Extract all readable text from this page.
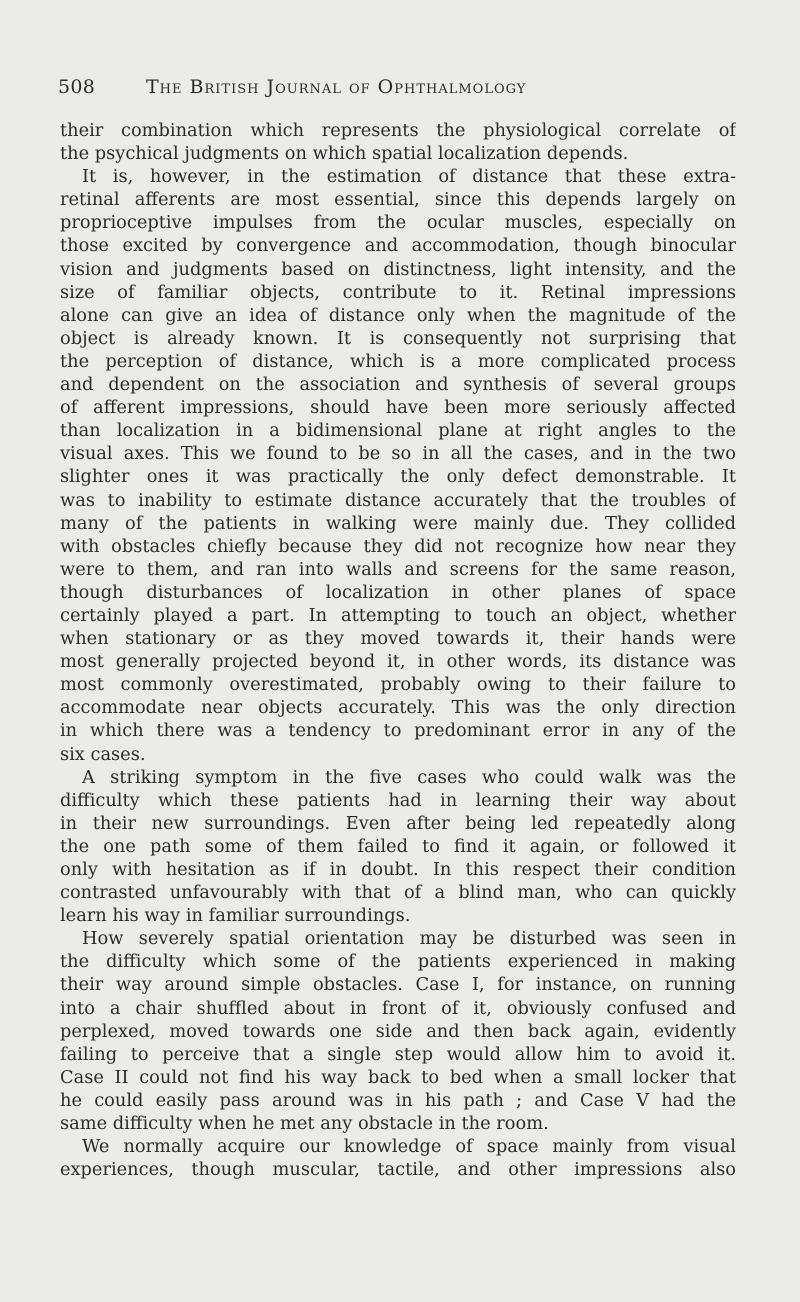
508	The British Journal of Ophthalmology
their combination which represents the physiological correlate of
the psychical judgments on which spatial localization depends.
It is, however, in the estimation of distance that these extra-
retinal afferents are most essential, since this depends largely on
proprioceptive impulses from the ocular muscles, especially on
those excited by convergence and accommodation, though binocular
vision and judgments based on distinctness, light intensity, and the
size of familiar objects, contribute to it. Retinal impressions
alone can give an idea of distance only when the magnitude of the
object is already known. It is consequently not surprising that
the perception of distance, which is a more complicated process
and dependent on the association and synthesis of several groups
of afferent impressions, should have been more seriously affected
than localization in a bidimensional plane at right angles to the
visual axes. This we found to be so in all the cases, and in the two
slighter ones it was practically the only defect demonstrable. It
was to inability to estimate distance accurately that the troubles of
many of the patients in walking were mainly due. They collided
with obstacles chiefly because they did not recognize how near they
were to them, and ran into walls and screens for the same reason,
though disturbances of localization in other planes of space
certainly played a part. In attempting to touch an object, whether
when stationary or as they moved towards it, their hands were
most generally projected beyond it, in other words, its distance was
most commonly overestimated, probably owing to their failure to
accommodate near objects accurately. This was the only direction
in which there was a tendency to predominant error in any of the
six cases.
A striking symptom in the five cases who could walk was the
difficulty which these patients had in learning their way about
in their new surroundings. Even after being led repeatedly along
the one path some of them failed to find it again, or followed it
only with hesitation as if in doubt. In this respect their condition
contrasted unfavourably with that of a blind man, who can quickly
learn his way in familiar surroundings.
How severely spatial orientation may be disturbed was seen in
the difficulty which some of the patients experienced in making
their way around simple obstacles. Case I, for instance, on running
into a chair shuffled about in front of it, obviously confused and
perplexed, moved towards one side and then back again, evidently
failing to perceive that a single step would allow him to avoid it.
Case II could not find his way back to bed when a small locker that
he could easily pass around was in his path ; and Case V had the
same difficulty when he met any obstacle in the room.
We normally acquire our knowledge of space mainly from visual
experiences, though muscular, tactile, and other impressions also
